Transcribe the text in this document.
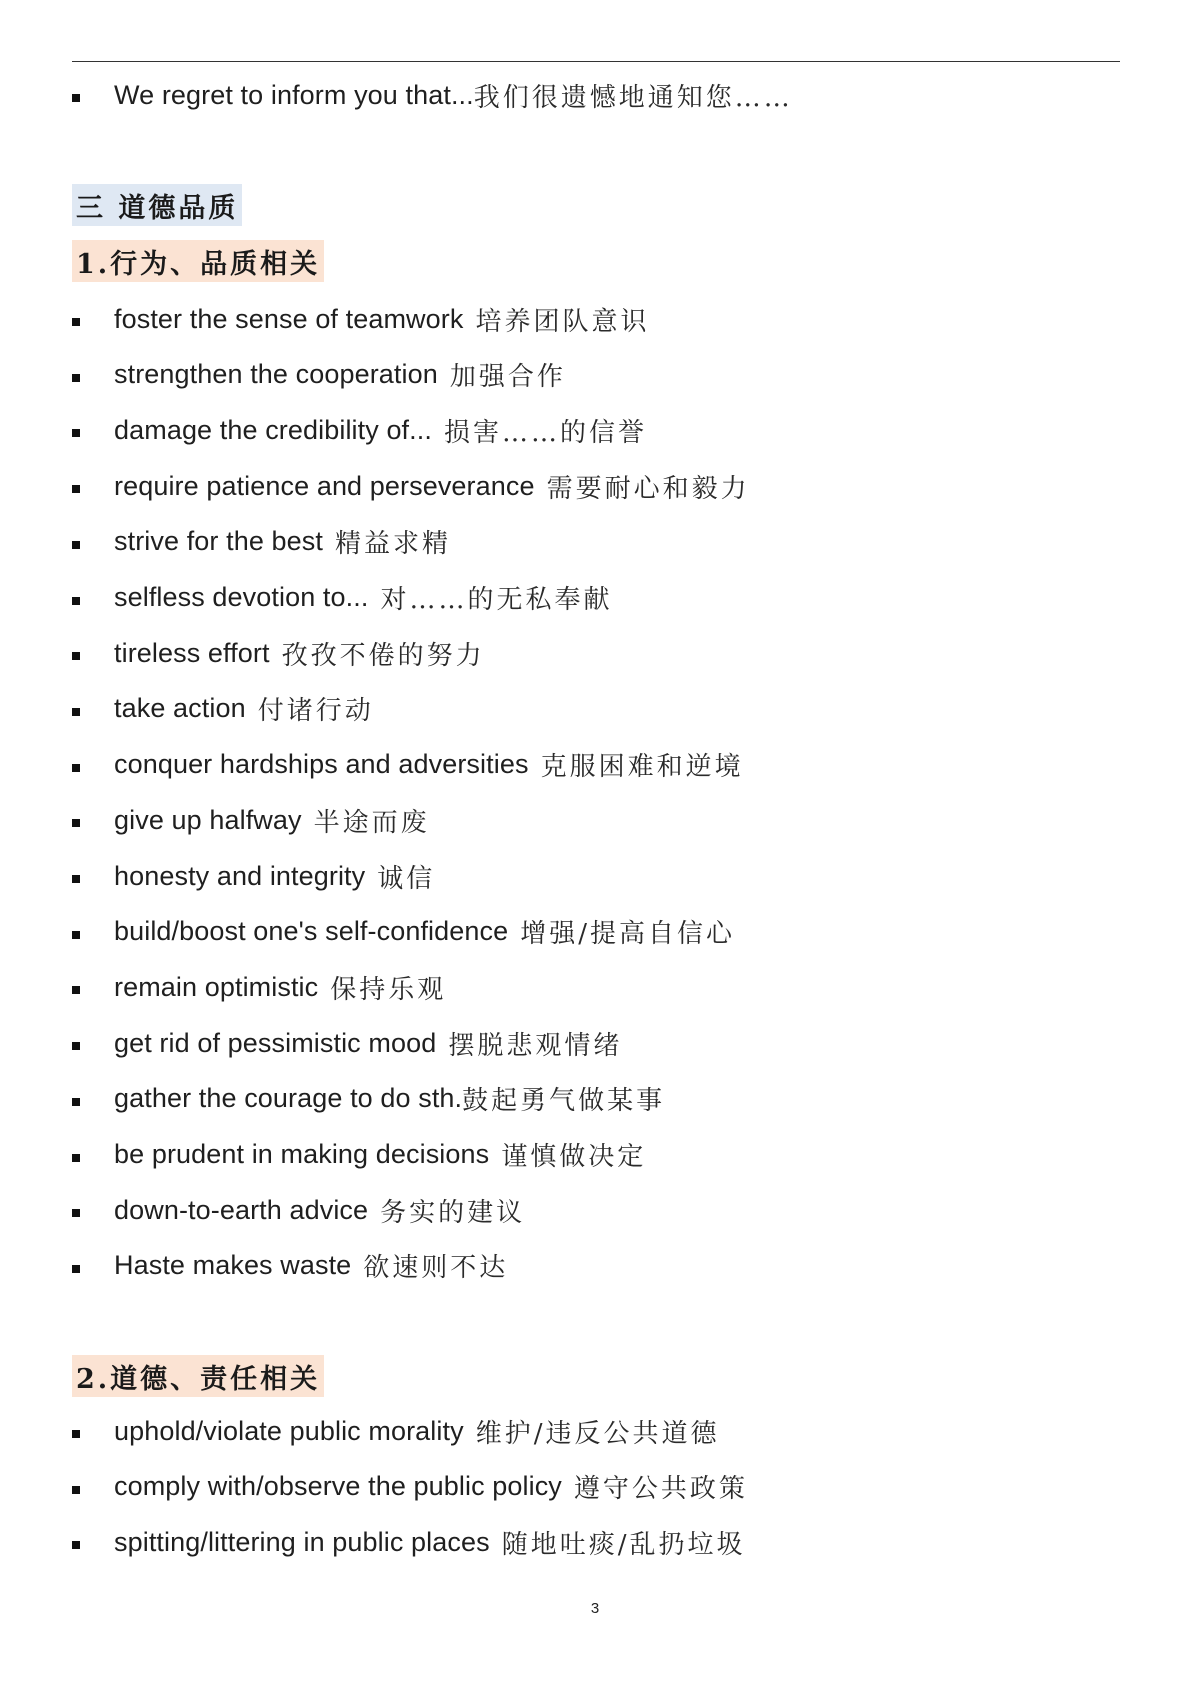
We regret to inform you that... 我们很遗憾地通知您……
三 道德品质
1.行为、品质相关
foster the sense of teamwork 培养团队意识
strengthen the cooperation 加强合作
damage the credibility of... 损害……的信誉
require patience and perseverance 需要耐心和毅力
strive for the best 精益求精
selfless devotion to... 对……的无私奉献
tireless effort 孜孜不倦的努力
take action 付诸行动
conquer hardships and adversities 克服困难和逆境
give up halfway 半途而废
honesty and integrity 诚信
build/boost one's self-confidence 增强/提高自信心
remain optimistic 保持乐观
get rid of pessimistic mood 摆脱悲观情绪
gather the courage to do sth. 鼓起勇气做某事
be prudent in making decisions 谨慎做决定
down-to-earth advice 务实的建议
Haste makes waste 欲速则不达
2.道德、责任相关
uphold/violate public morality 维护/违反公共道德
comply with/observe the public policy 遵守公共政策
spitting/littering in public places 随地吐痰/乱扔垃圾
3
